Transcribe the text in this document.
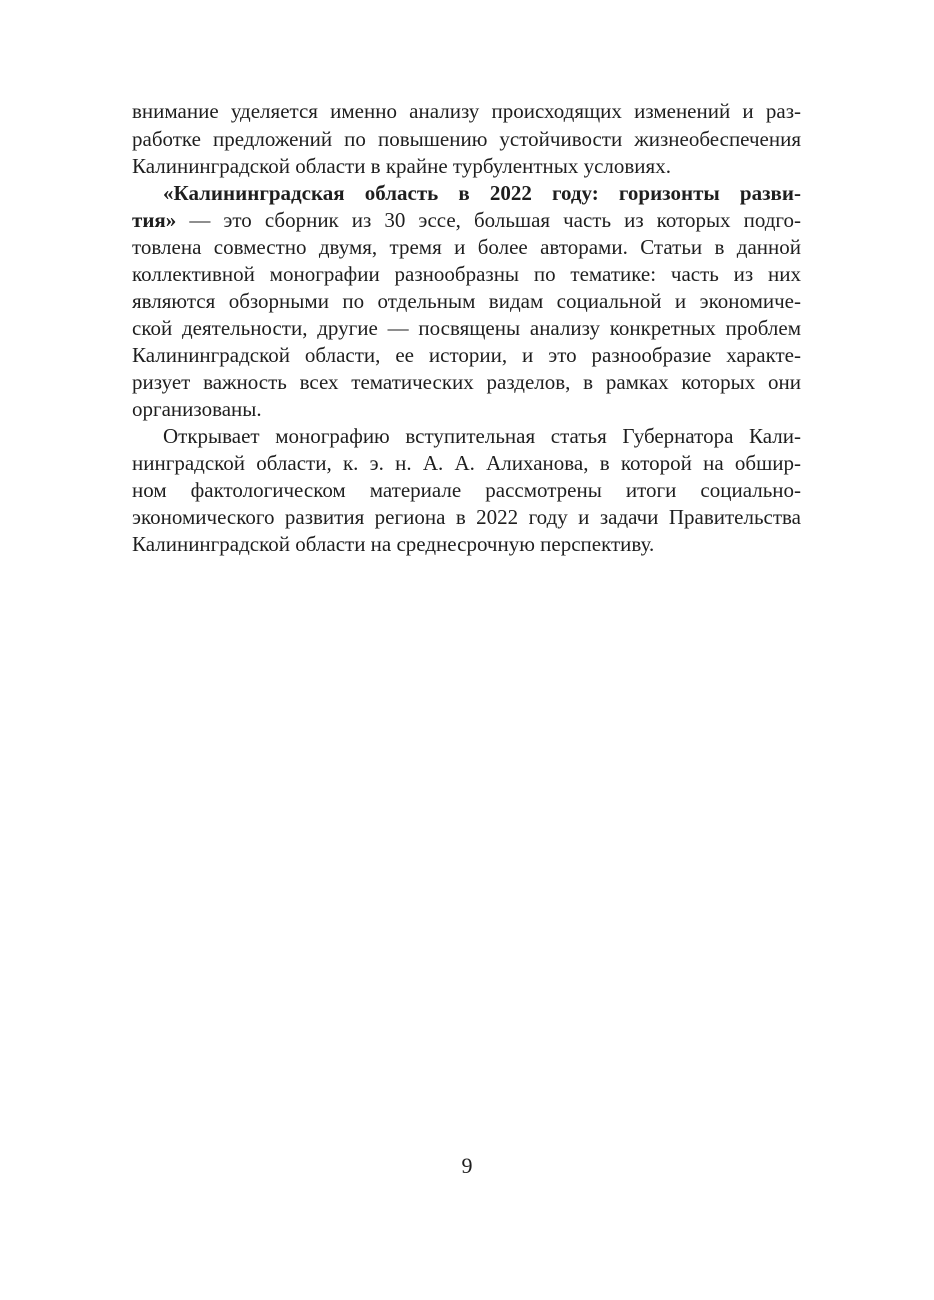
внимание уделяется именно анализу происходящих изменений и раз-
работке предложений по повышению устойчивости жизнеобеспечения
Калининградской области в крайне турбулентных условиях.
«Калининградская область в 2022 году: горизонты разви-
тия» — это сборник из 30 эссе, большая часть из которых подго-
товлена совместно двумя, тремя и более авторами. Статьи в данной
коллективной монографии разнообразны по тематике: часть из них
являются обзорными по отдельным видам социальной и экономиче-
ской деятельности, другие — посвящены анализу конкретных проблем
Калининградской области, ее истории, и это разнообразие характе-
ризует важность всех тематических разделов, в рамках которых они
организованы.
Открывает монографию вступительная статья Губернатора Кали-
нинградской области, к. э. н. А. А. Алиханова, в которой на обшир-
ном фактологическом материале рассмотрены итоги социально-
экономического развития региона в 2022 году и задачи Правительства
Калининградской области на среднесрочную перспективу.
9
